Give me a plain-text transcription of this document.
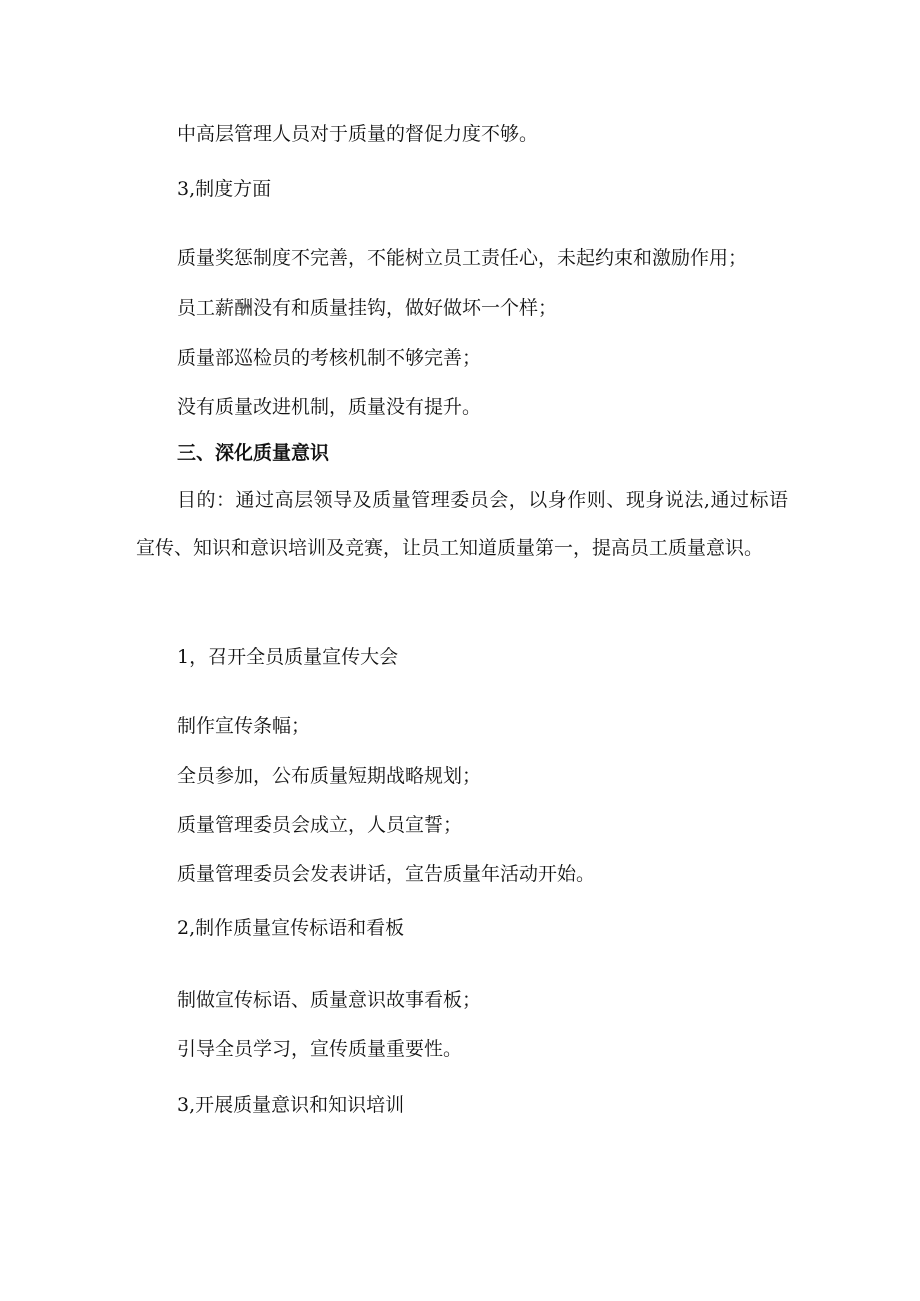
中高层管理人员对于质量的督促力度不够。

3,制度方面

质量奖惩制度不完善，不能树立员工责任心，未起约束和激励作用；

员工薪酬没有和质量挂钩，做好做坏一个样；

质量部巡检员的考核机制不够完善；

没有质量改进机制，质量没有提升。

三、深化质量意识

目的：通过高层领导及质量管理委员会，以身作则、现身说法,通过标语宣传、知识和意识培训及竞赛，让员工知道质量第一，提高员工质量意识。

1，召开全员质量宣传大会

制作宣传条幅；

全员参加，公布质量短期战略规划；

质量管理委员会成立，人员宣誓；

质量管理委员会发表讲话，宣告质量年活动开始。

2,制作质量宣传标语和看板

制做宣传标语、质量意识故事看板；

引导全员学习，宣传质量重要性。

3,开展质量意识和知识培训
